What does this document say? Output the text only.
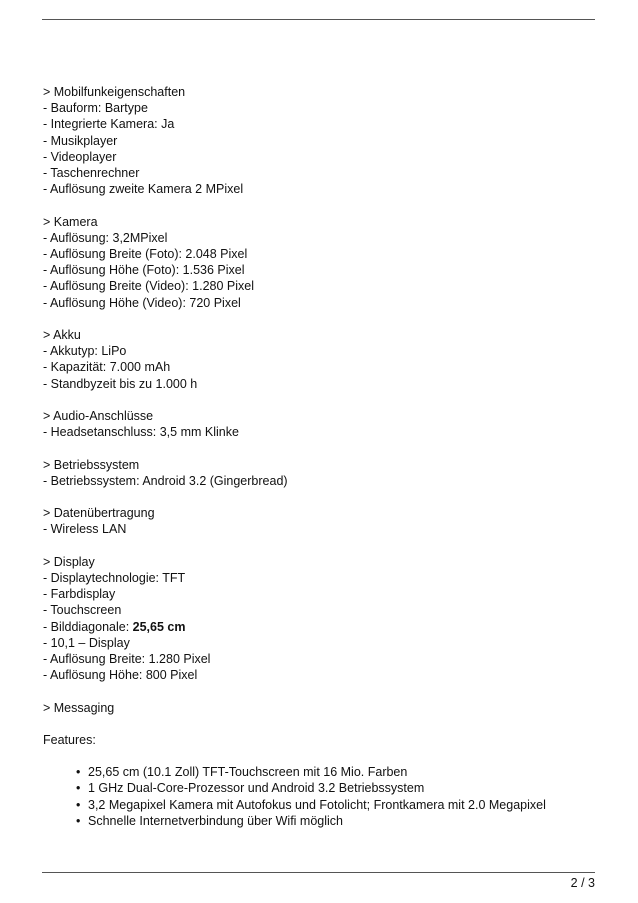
> Mobilfunkeigenschaften
- Bauform: Bartype
- Integrierte Kamera: Ja
- Musikplayer
- Videoplayer
- Taschenrechner
- Auflösung zweite Kamera 2 MPixel
> Kamera
- Auflösung: 3,2MPixel
- Auflösung Breite (Foto): 2.048 Pixel
- Auflösung Höhe (Foto): 1.536 Pixel
- Auflösung Breite (Video): 1.280 Pixel
- Auflösung Höhe (Video): 720 Pixel
> Akku
- Akkutyp: LiPo
- Kapazität: 7.000 mAh
- Standbyzeit bis zu 1.000 h
> Audio-Anschlüsse
- Headsetanschluss: 3,5 mm Klinke
> Betriebssystem
- Betriebssystem: Android 3.2 (Gingerbread)
> Datenübertragung
- Wireless LAN
> Display
- Displaytechnologie: TFT
- Farbdisplay
- Touchscreen
- Bilddiagonale: 25,65 cm
- 10,1 – Display
- Auflösung Breite: 1.280 Pixel
- Auflösung Höhe: 800 Pixel
> Messaging
Features:
• 25,65 cm (10.1 Zoll) TFT-Touchscreen mit 16 Mio. Farben
• 1 GHz Dual-Core-Prozessor und Android 3.2 Betriebssystem
• 3,2 Megapixel Kamera mit Autofokus und Fotolicht; Frontkamera mit 2.0 Megapixel
• Schnelle Internetverbindung über Wifi möglich
2 / 3
